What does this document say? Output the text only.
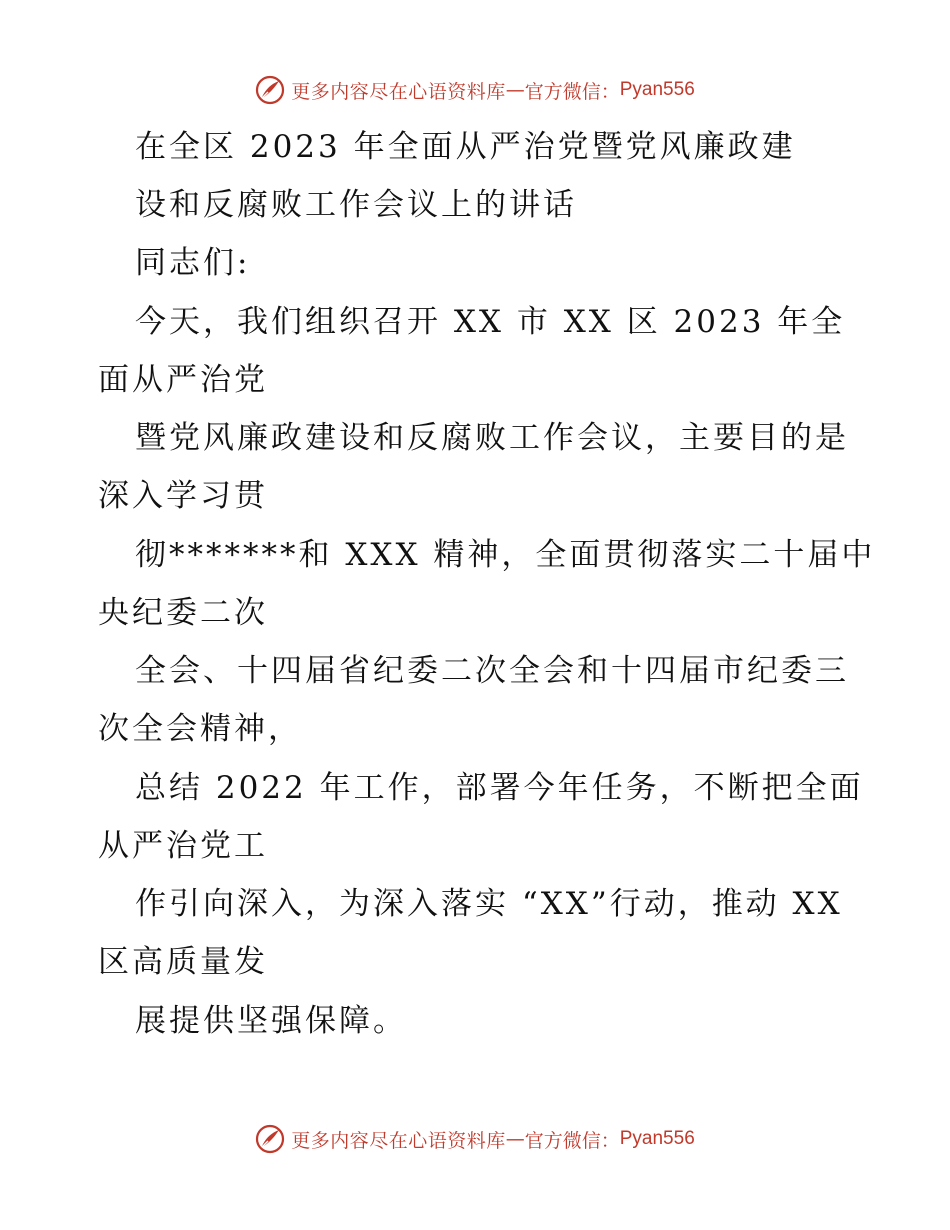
更多内容尽在心语资料库 — 官方微信： Pyan556
在全区 2023 年全面从严治党暨党风廉政建
设和反腐败工作会议上的讲话
同志们:
今天，我们组织召开 XX 市 XX 区 2023 年全
面从严治党
暨党风廉政建设和反腐败工作会议，主要目的是
深入学习贯
彻*******和 XXX 精神，全面贯彻落实二十届中
央纪委二次
全会、十四届省纪委二次全会和十四届市纪委三
次全会精神，
总结 2022 年工作，部署今年任务，不断把全面
从严治党工
作引向深入，为深入落实 “XX”行动，推动 XX
区高质量发
展提供坚强保障。
更多内容尽在心语资料库 — 官方微信： Pyan556
